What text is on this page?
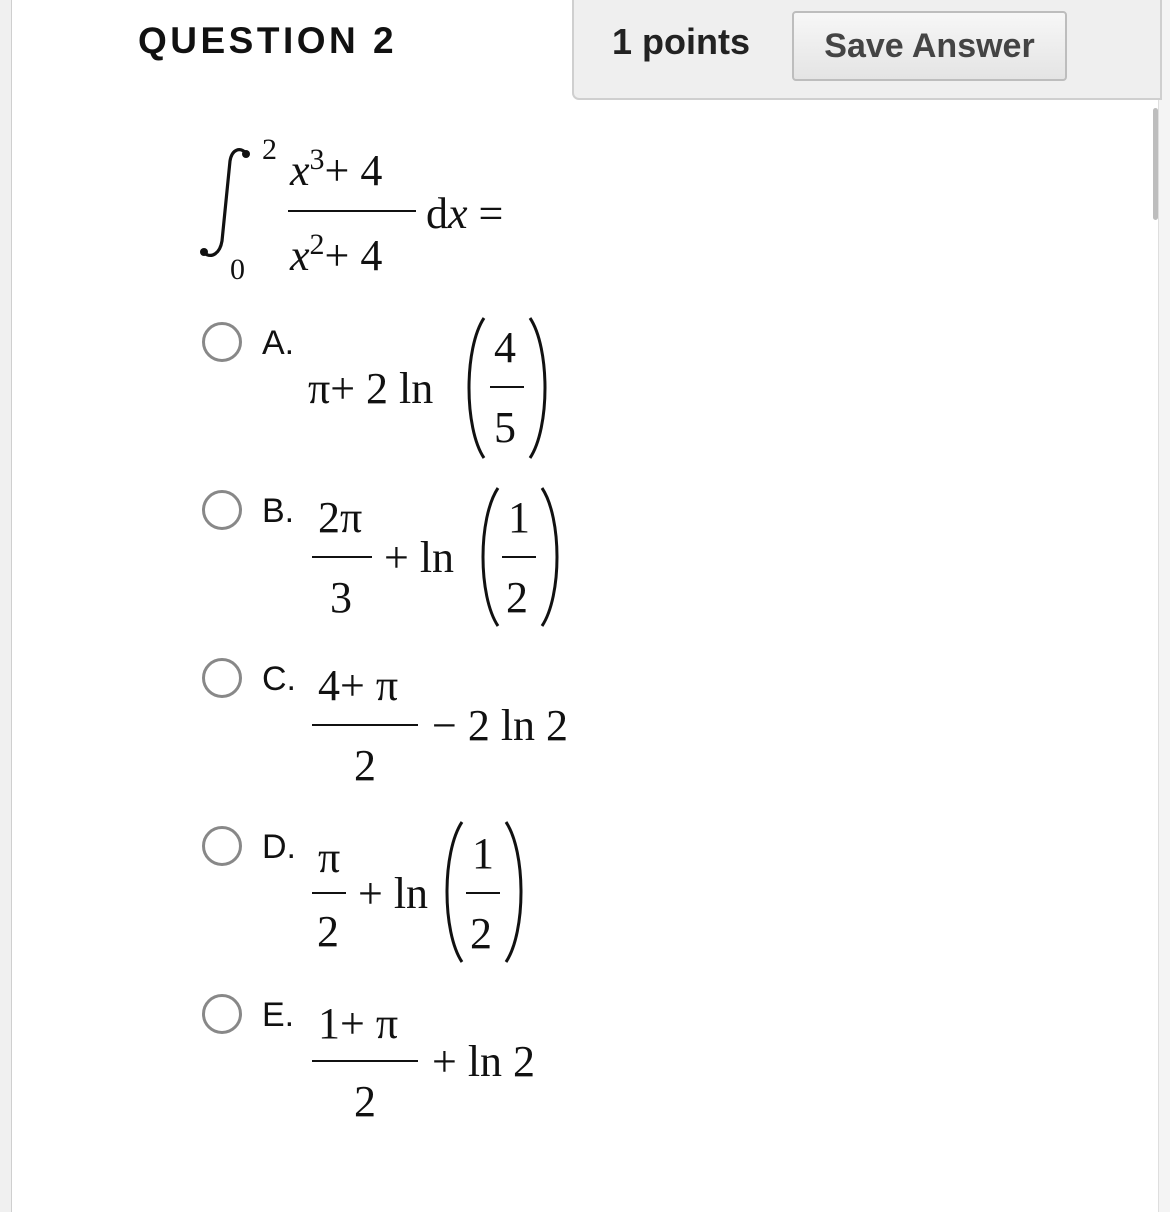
QUESTION 2	1 points	Save Answer
2
0
$x^3+ 4$
$x^2+ 4$
dx =
A.
π+ 2 ln
4
5
B. 2π
3
+ ln
1
2
C. 4+ π
2
− 2 ln 2
D. π
2
+ ln
1
2
E. 1+ π
2
+ ln 2
